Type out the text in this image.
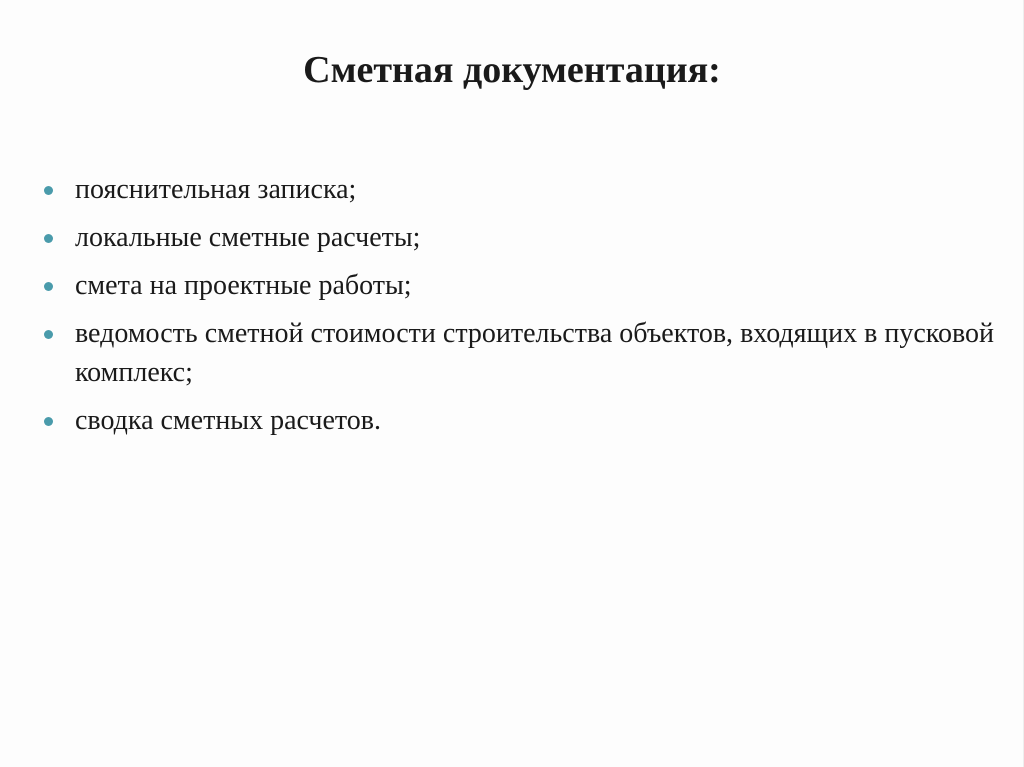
Сметная документация:
пояснительная записка;
локальные сметные расчеты;
смета на проектные работы;
ведомость сметной стоимости строительства объектов, входящих в пусковой комплекс;
сводка сметных расчетов.
